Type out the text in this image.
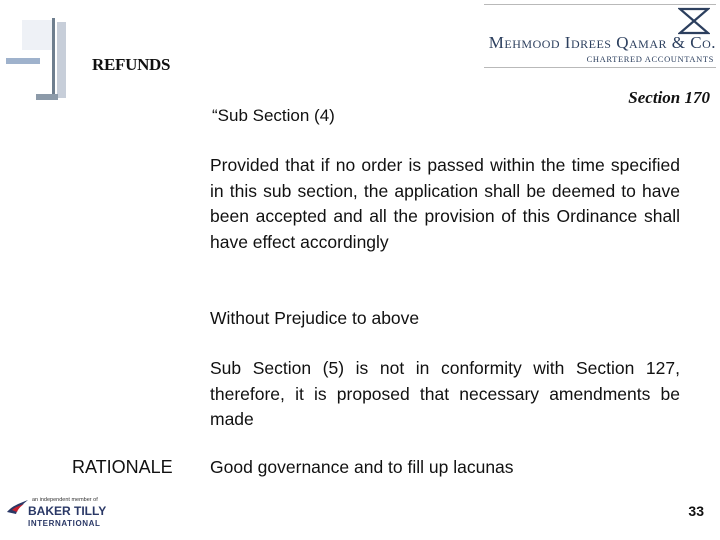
REFUNDS
Mehmood Idrees Qamar & Co.
CHARTERED ACCOUNTANTS
Section 170
“Sub Section (4)

Provided that if no order is passed within the time specified in this sub section, the application shall be deemed to have been accepted and all the provision of this Ordinance shall have effect accordingly

Without Prejudice to above

Sub Section (5) is not in conformity with Section 127, therefore, it is proposed that necessary amendments be made

RATIONALE Good governance and to fill up lacunas
an independent member of
BAKER TILLY
INTERNATIONAL
33
